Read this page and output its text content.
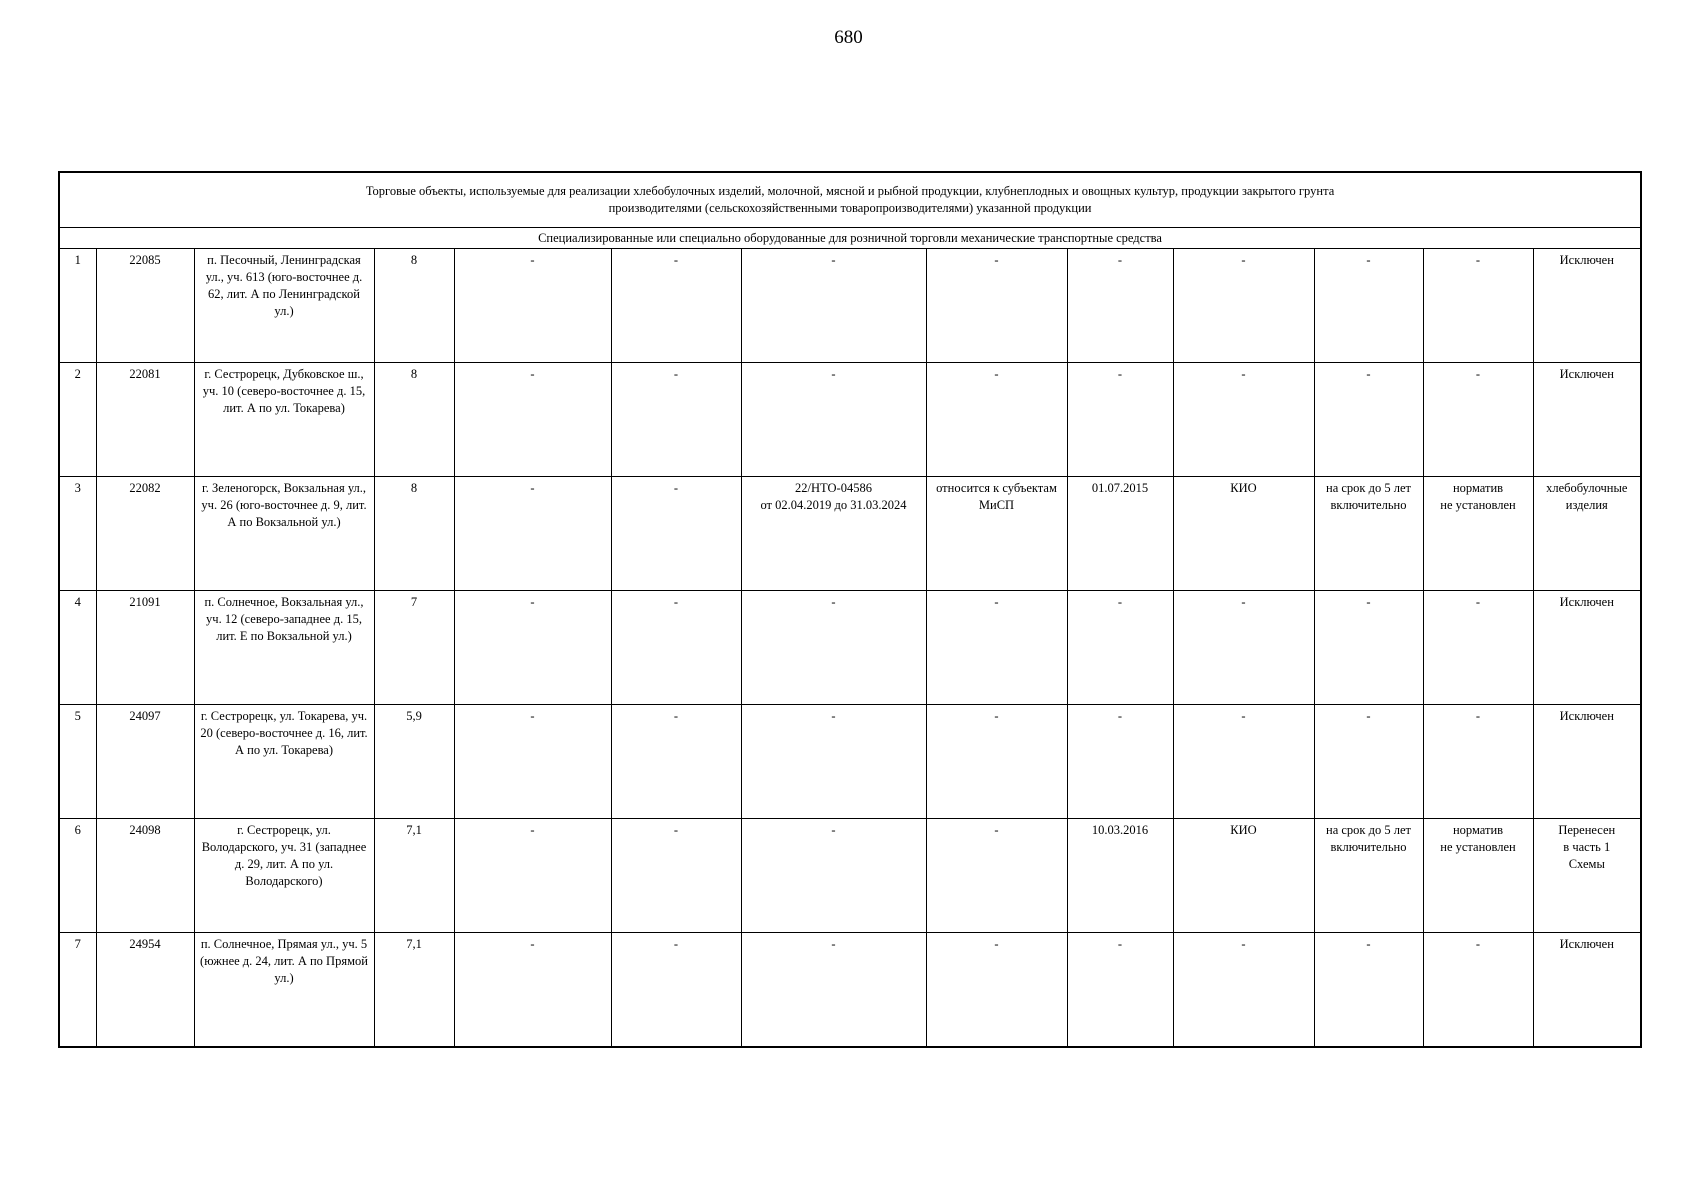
680
Торговые объекты, используемые для реализации хлебобулочных изделий, молочной, мясной и рыбной продукции, клубнеплодных и овощных культур, продукции закрытого грунта
производителями (сельскохозяйственными товаропроизводителями) указанной продукции												

Специализированные или специально оборудованные для розничной торговли механические транспортные средства												
1	22085	п. Песочный, Ленинградская ул., уч. 613 (юго-восточнее д. 62, лит. А по Ленинградской ул.)	8	-	-	-	-	-	-	-	-	Исключен

2	22081	г. Сестрорецк, Дубковское ш., уч. 10 (северо-восточнее д. 15, лит. А по ул. Токарева)	8	-	-	-	-	-	-	-	-	Исключен

3	22082	г. Зеленогорск, Вокзальная ул., уч. 26 (юго-восточнее д. 9, лит. А по Вокзальной ул.)	8	-	-	22/НТО-04586
от 02.04.2019 до 31.03.2024	относится к субъектам
МиСП	01.07.2015	КИО	на срок до 5 лет
включительно	норматив
не установлен	хлебобулочные
изделия

4	21091	п. Солнечное, Вокзальная ул., уч. 12 (северо-западнее д. 15, лит. Е по Вокзальной ул.)	7	-	-	-	-	-	-	-	-	Исключен

5	24097	г. Сестрорецк, ул. Токарева, уч. 20 (северо-восточнее д. 16, лит. А по ул. Токарева)	5,9	-	-	-	-	-	-	-	-	Исключен

6	24098	г. Сестрорецк, ул. Володарского, уч. 31 (западнее д. 29, лит. А по ул. Володарского)	7,1	-	-	-	-	10.03.2016	КИО	на срок до 5 лет
включительно	норматив
не установлен	Перенесен
в часть 1
Схемы

7	24954	п. Солнечное, Прямая ул., уч. 5 (южнее д. 24, лит. А по Прямой ул.)	7,1	-	-	-	-	-	-	-	-	Исключен
